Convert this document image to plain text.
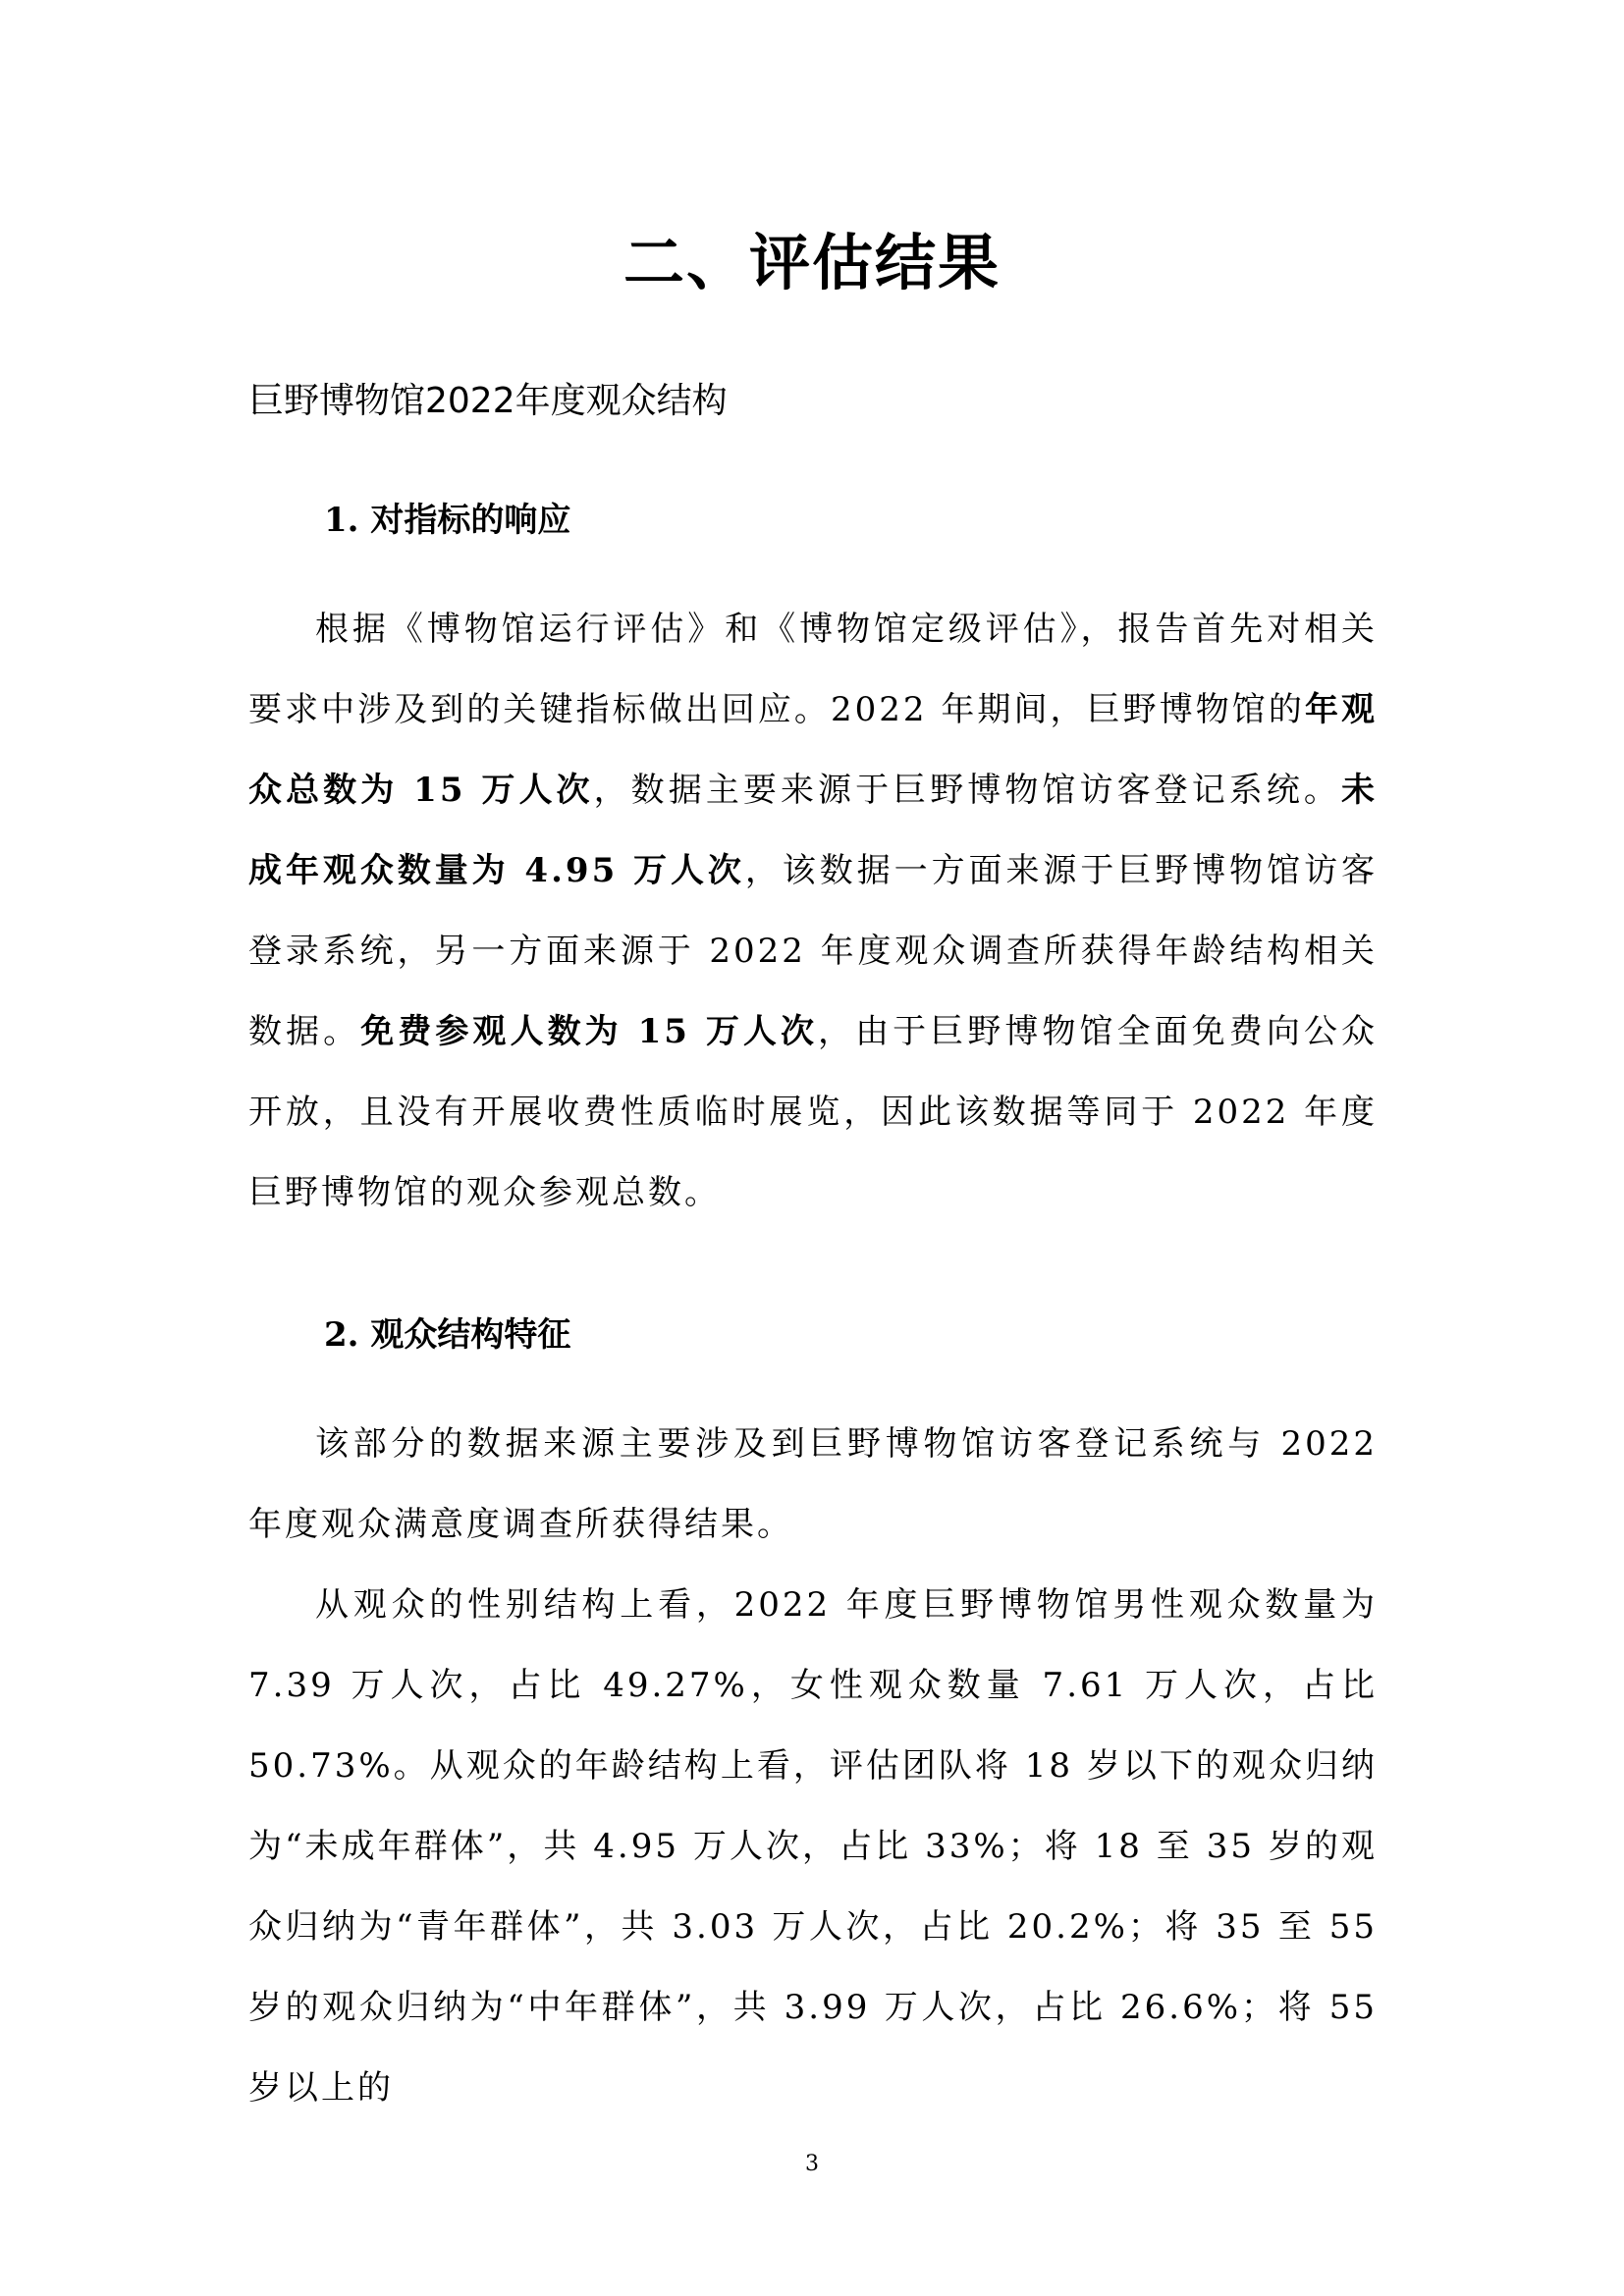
二、评估结果
巨野博物馆2022年度观众结构
1. 对指标的响应

根据《博物馆运行评估》和《博物馆定级评估》，报告首先对相关要求中涉及到的关键指标做出回应。2022 年期间，巨野博物馆的年观众总数为 15 万人次，数据主要来源于巨野博物馆访客登记系统。未成年观众数量为 4.95 万人次，该数据一方面来源于巨野博物馆访客登录系统，另一方面来源于 2022 年度观众调查所获得年龄结构相关数据。免费参观人数为 15 万人次，由于巨野博物馆全面免费向公众开放，且没有开展收费性质临时展览，因此该数据等同于 2022 年度巨野博物馆的观众参观总数。

2. 观众结构特征

该部分的数据来源主要涉及到巨野博物馆访客登记系统与 2022 年度观众满意度调查所获得结果。

从观众的性别结构上看，2022 年度巨野博物馆男性观众数量为 7.39 万人次，占比 49.27%，女性观众数量 7.61 万人次，占比 50.73%。从观众的年龄结构上看，评估团队将 18 岁以下的观众归纳为“未成年群体”，共 4.95 万人次，占比 33%；将 18 至 35 岁的观众归纳为“青年群体”，共 3.03 万人次，占比 20.2%；将 35 至 55 岁的观众归纳为“中年群体”，共 3.99 万人次，占比 26.6%；将 55 岁以上的

3
